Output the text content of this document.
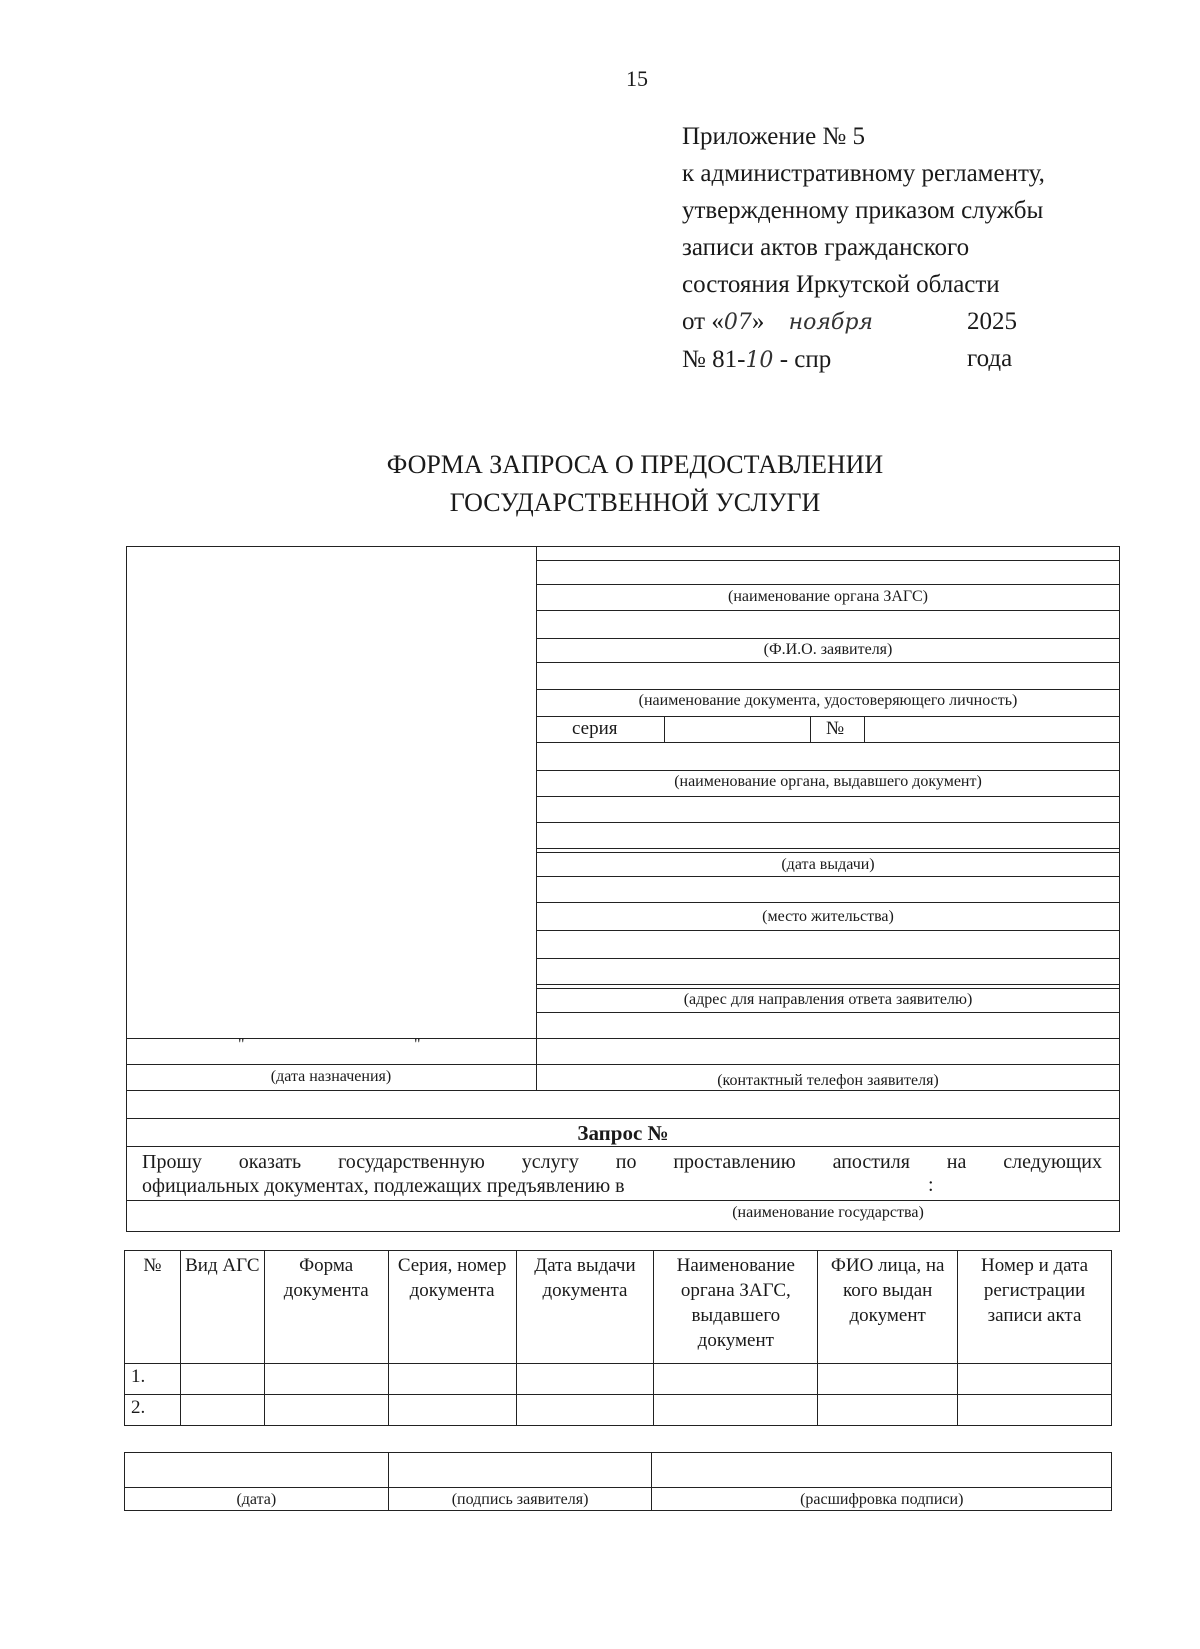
15
Приложение № 5
к административному регламенту,
утвержденному приказом службы
записи актов гражданского
состояния Иркутской области
от «07» ноября	2025 года
№ 81-10 - спр
ФОРМА ЗАПРОСА О ПРЕДОСТАВЛЕНИИ
ГОСУДАРСТВЕННОЙ УСЛУГИ
(наименование органа ЗАГС)
(Ф.И.О. заявителя)
(наименование документа, удостоверяющего личность)
серия	№
(наименование органа, выдавшего документ)
(дата выдачи)
(место жительства)
(адрес для направления ответа заявителю)
"	"
(дата назначения)	(контактный телефон заявителя)
Запрос №
Прошу оказать государственную услугу по проставлению апостиля на следующих
официальных документах, подлежащих предъявлению в	:
(наименование государства)
№	Вид АГС	Форма документа	Серия, номер документа	Дата выдачи документа	Наименование органа ЗАГС, выдавшего документ	ФИО лица, на кого выдан документ	Номер и дата регистрации записи акта
1.							
2.							

(дата)	(подпись заявителя)	(расшифровка подписи)
